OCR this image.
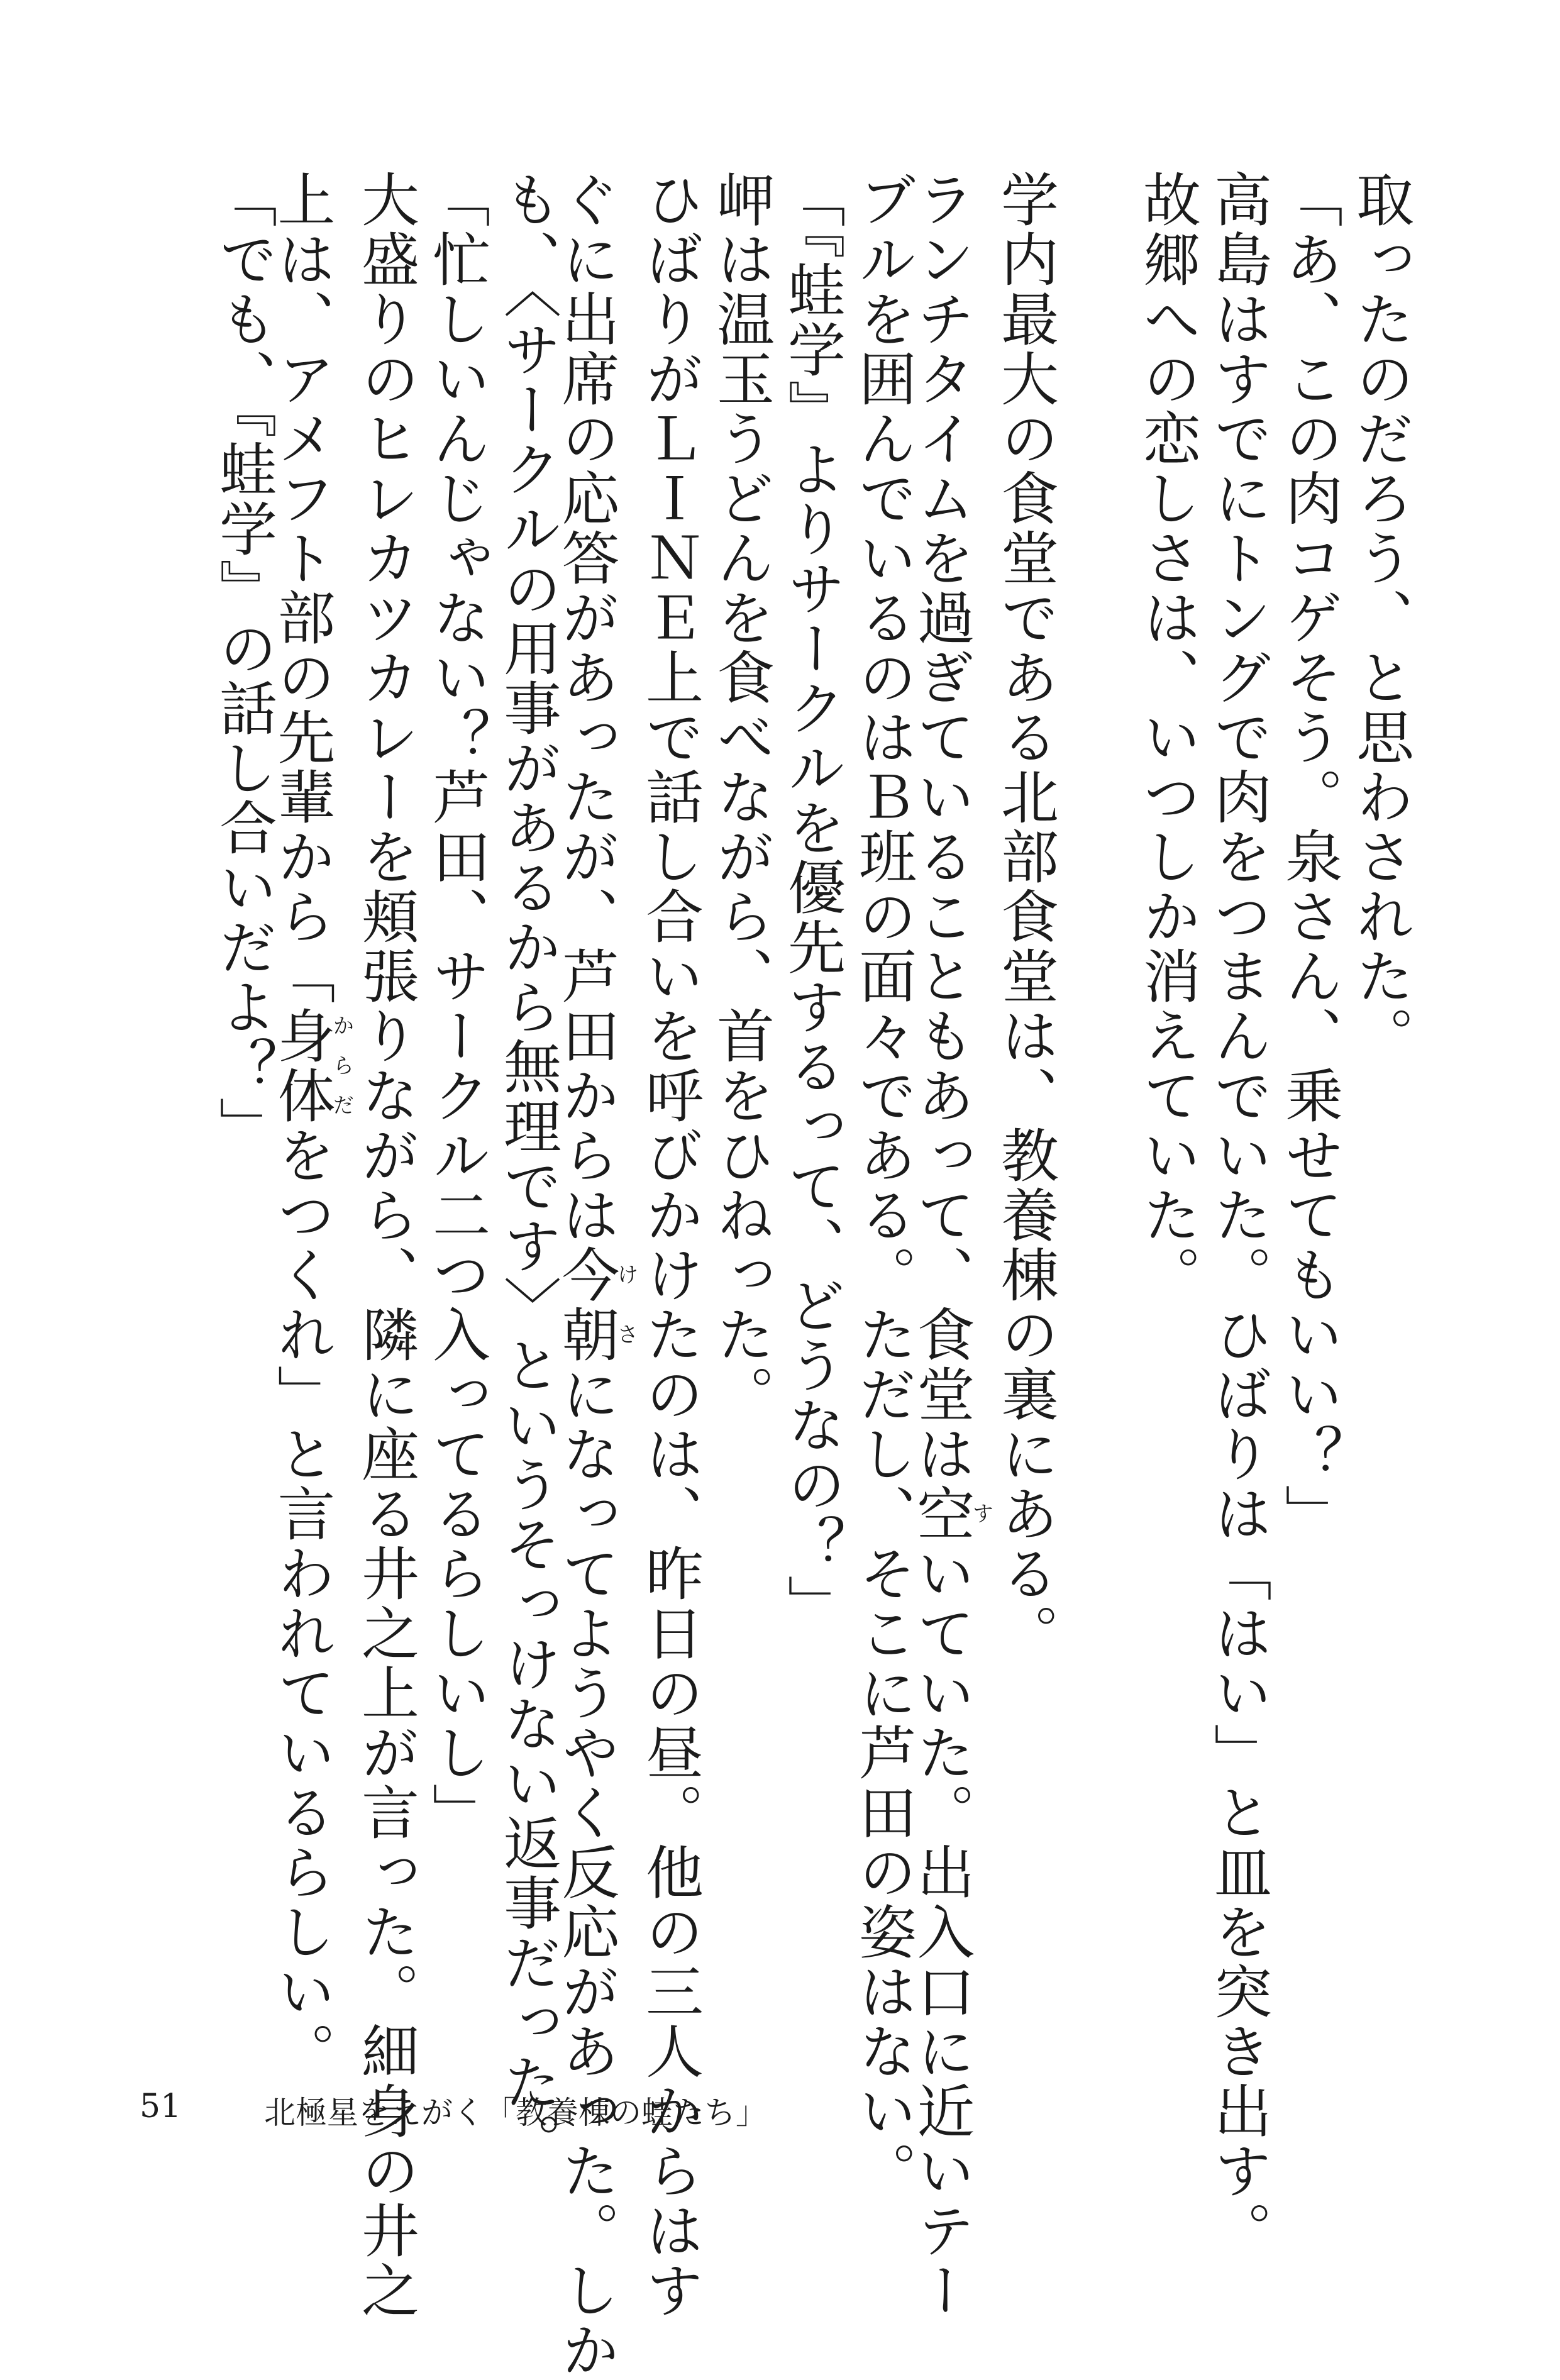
取ったのだろう、と思わされた。
「あ、この肉コゲそう。泉さん、乗せてもいい？」
高島はすでにトングで肉をつまんでいた。ひばりは「はい」と皿を突き出す。
故郷への恋しさは、いつしか消えていた。
学内最大の食堂である北部食堂は、教養棟の裏にある。
ランチタイムを過ぎていることもあって、食堂は空すいていた。出入口に近いテー
ブルを囲んでいるのはＢ班の面々である。ただし、そこに芦田の姿はない。
「『蛙学』よりサークルを優先するって、どうなの？」
岬は温玉うどんを食べながら、首をひねった。
ひばりがＬＩＮＥ上で話し合いを呼びかけたのは、昨日の昼。他の三人からはす
ぐに出席の応答があったが、芦田からは今朝けさになってようやく反応があった。しか
も、〈サークルの用事があるから無理です〉というそっけない返事だった。
「忙しいんじゃない？芦田、サークル二つ入ってるらしいし」
大盛りのヒレカツカレーを頬張りながら、隣に座る井之上が言った。細身の井之
上は、アメフト部の先輩から「身体からだをつくれ」と言われているらしい。
「でも、『蛙学』の話し合いだよ？」
51	北極星をえがく「教養棟の蛙たち」
